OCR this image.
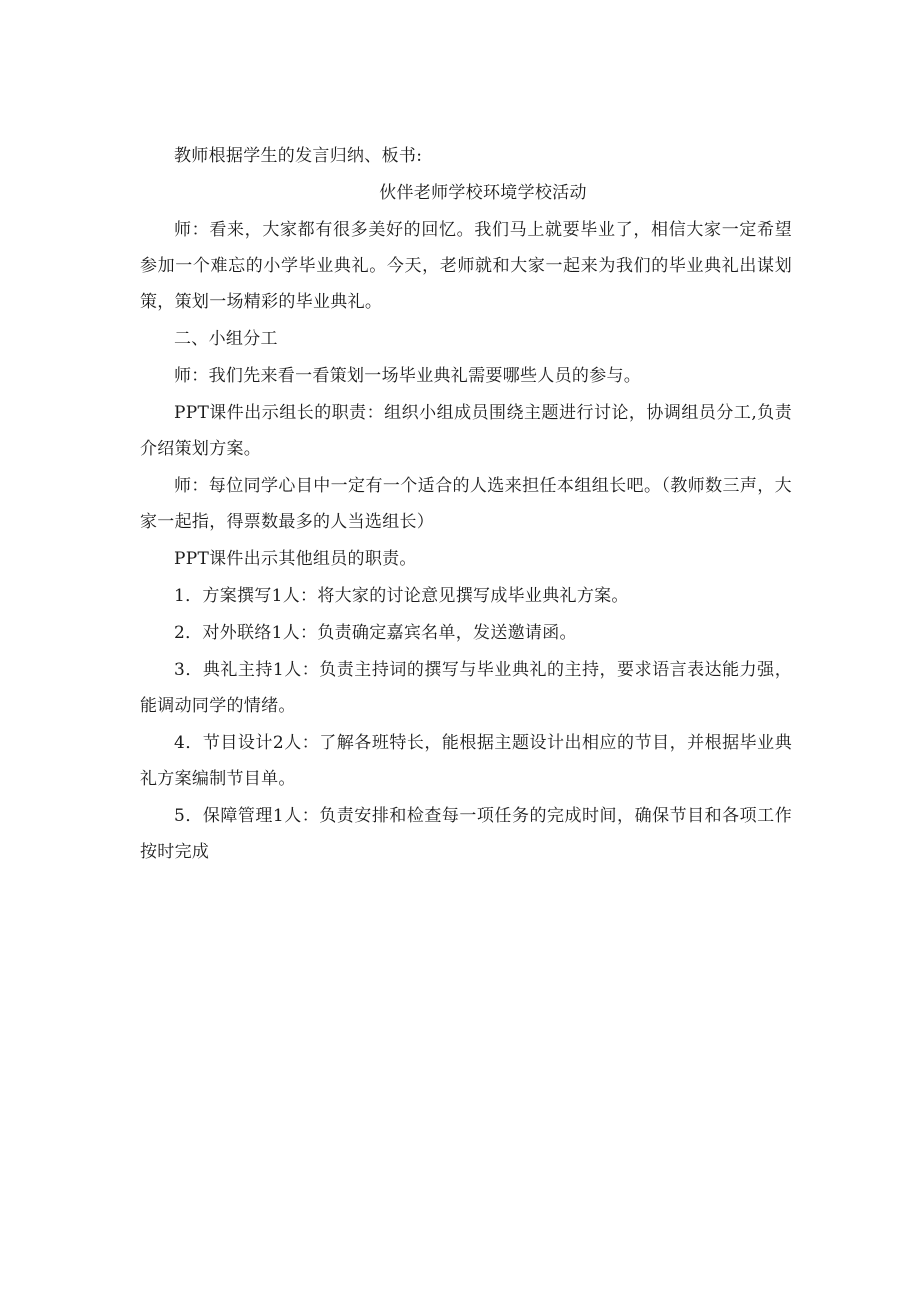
教师根据学生的发言归纳、板书:

伙伴老师学校环境学校活动

师：看来，大家都有很多美好的回忆。我们马上就要毕业了，相信大家一定希望参加一个难忘的小学毕业典礼。今天，老师就和大家一起来为我们的毕业典礼出谋划策，策划一场精彩的毕业典礼。

二、小组分工

师：我们先来看一看策划一场毕业典礼需要哪些人员的参与。

PPT课件出示组长的职责：组织小组成员围绕主题进行讨论，协调组员分工,负责介绍策划方案。

师：每位同学心目中一定有一个适合的人选来担任本组组长吧。（教师数三声，大家一起指，得票数最多的人当选组长）

PPT课件出示其他组员的职责。

1．方案撰写1人：将大家的讨论意见撰写成毕业典礼方案。

2．对外联络1人：负责确定嘉宾名单，发送邀请函。

3．典礼主持1人：负责主持词的撰写与毕业典礼的主持，要求语言表达能力强，能调动同学的情绪。

4．节目设计2人：了解各班特长，能根据主题设计出相应的节目，并根据毕业典礼方案编制节目单。

5．保障管理1人：负责安排和检查每一项任务的完成时间，确保节目和各项工作按时完成
